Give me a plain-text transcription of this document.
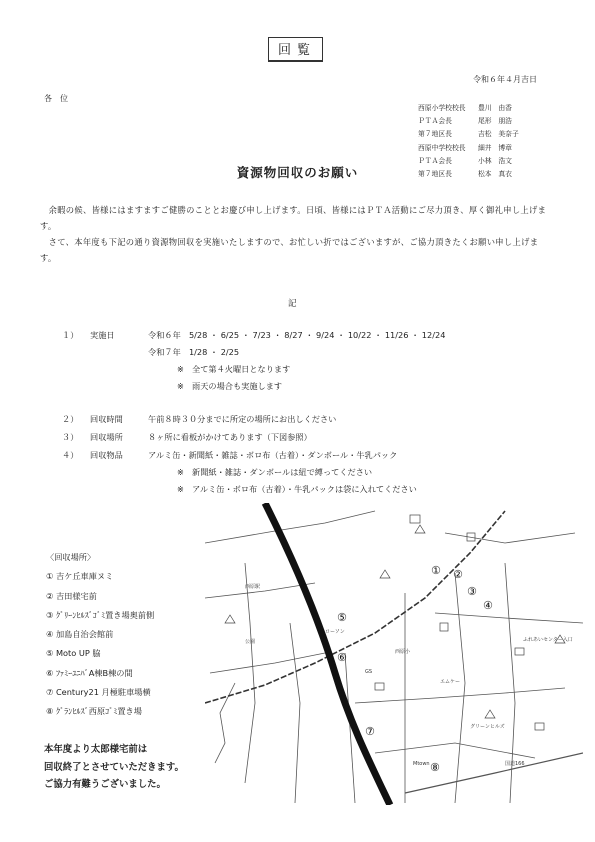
回覧
令和６年４月吉日
各位
西原小学校校長	豊川　由香
ＰＴＡ会長	尾形　朋浩
第７地区長	吉松　美奈子
西原中学校校長	細井　博章
ＰＴＡ会長	小林　浩文
第７地区長	松本　真衣
資源物回収のお願い

　余暇の候、皆様にはますますご健勝のこととお慶び申し上げます。日頃、皆様にはＰＴＡ活動にご尽力頂き、厚く御礼申し上げます。

　さて、本年度も下記の通り資源物回収を実施いたしますので、お忙しい折ではございますが、ご協力頂きたくお願い申し上げます。

記
１） 実施日	令和６年　5/28 ・ 6/25 ・ 7/23 ・ 8/27 ・ 9/24 ・ 10/22 ・ 11/26 ・ 12/24
令和７年　1/28 ・ 2/25
※　全て第４火曜日となります
※　雨天の場合も実施します
２） 回収時間	午前８時３０分までに所定の場所にお出しください
３） 回収場所	８ヶ所に看板がかけてあります（下図参照）
４） 回収物品	アルミ缶・新聞紙・雑誌・ボロ布（古着）・ダンボール・牛乳パック
※　新聞紙・雑誌・ダンボールは紐で縛ってください
※　アルミ缶・ボロ布（古着）・牛乳パックは袋に入れてください
〈回収場所〉
① 吉ケ丘車庫ヌミ
② 吉田様宅前
③ ｸﾞﾘｰﾝﾋﾙｽﾞｺﾞﾐ置き場奥前側
④ 加島自治会館前
⑤ Moto UP 脇
⑥ ﾌｧﾐｰﾕﾆﾊﾞA棟B棟の間
⑦ Century21 月極駐車場横
⑧ ｸﾞﾗﾝﾋﾙｽﾞ西原ｺﾞﾐ置き場
本年度より太郎様宅前は
回収終了とさせていただきます。
ご協力有難うございました。
① ②
③
④
⑤
⑥
⑦
⑧
西原駅
西原小
公園
GS
国道166
ローソン
エムケー
ふれあいセンター入口
グリーンヒルズ
Mtown
